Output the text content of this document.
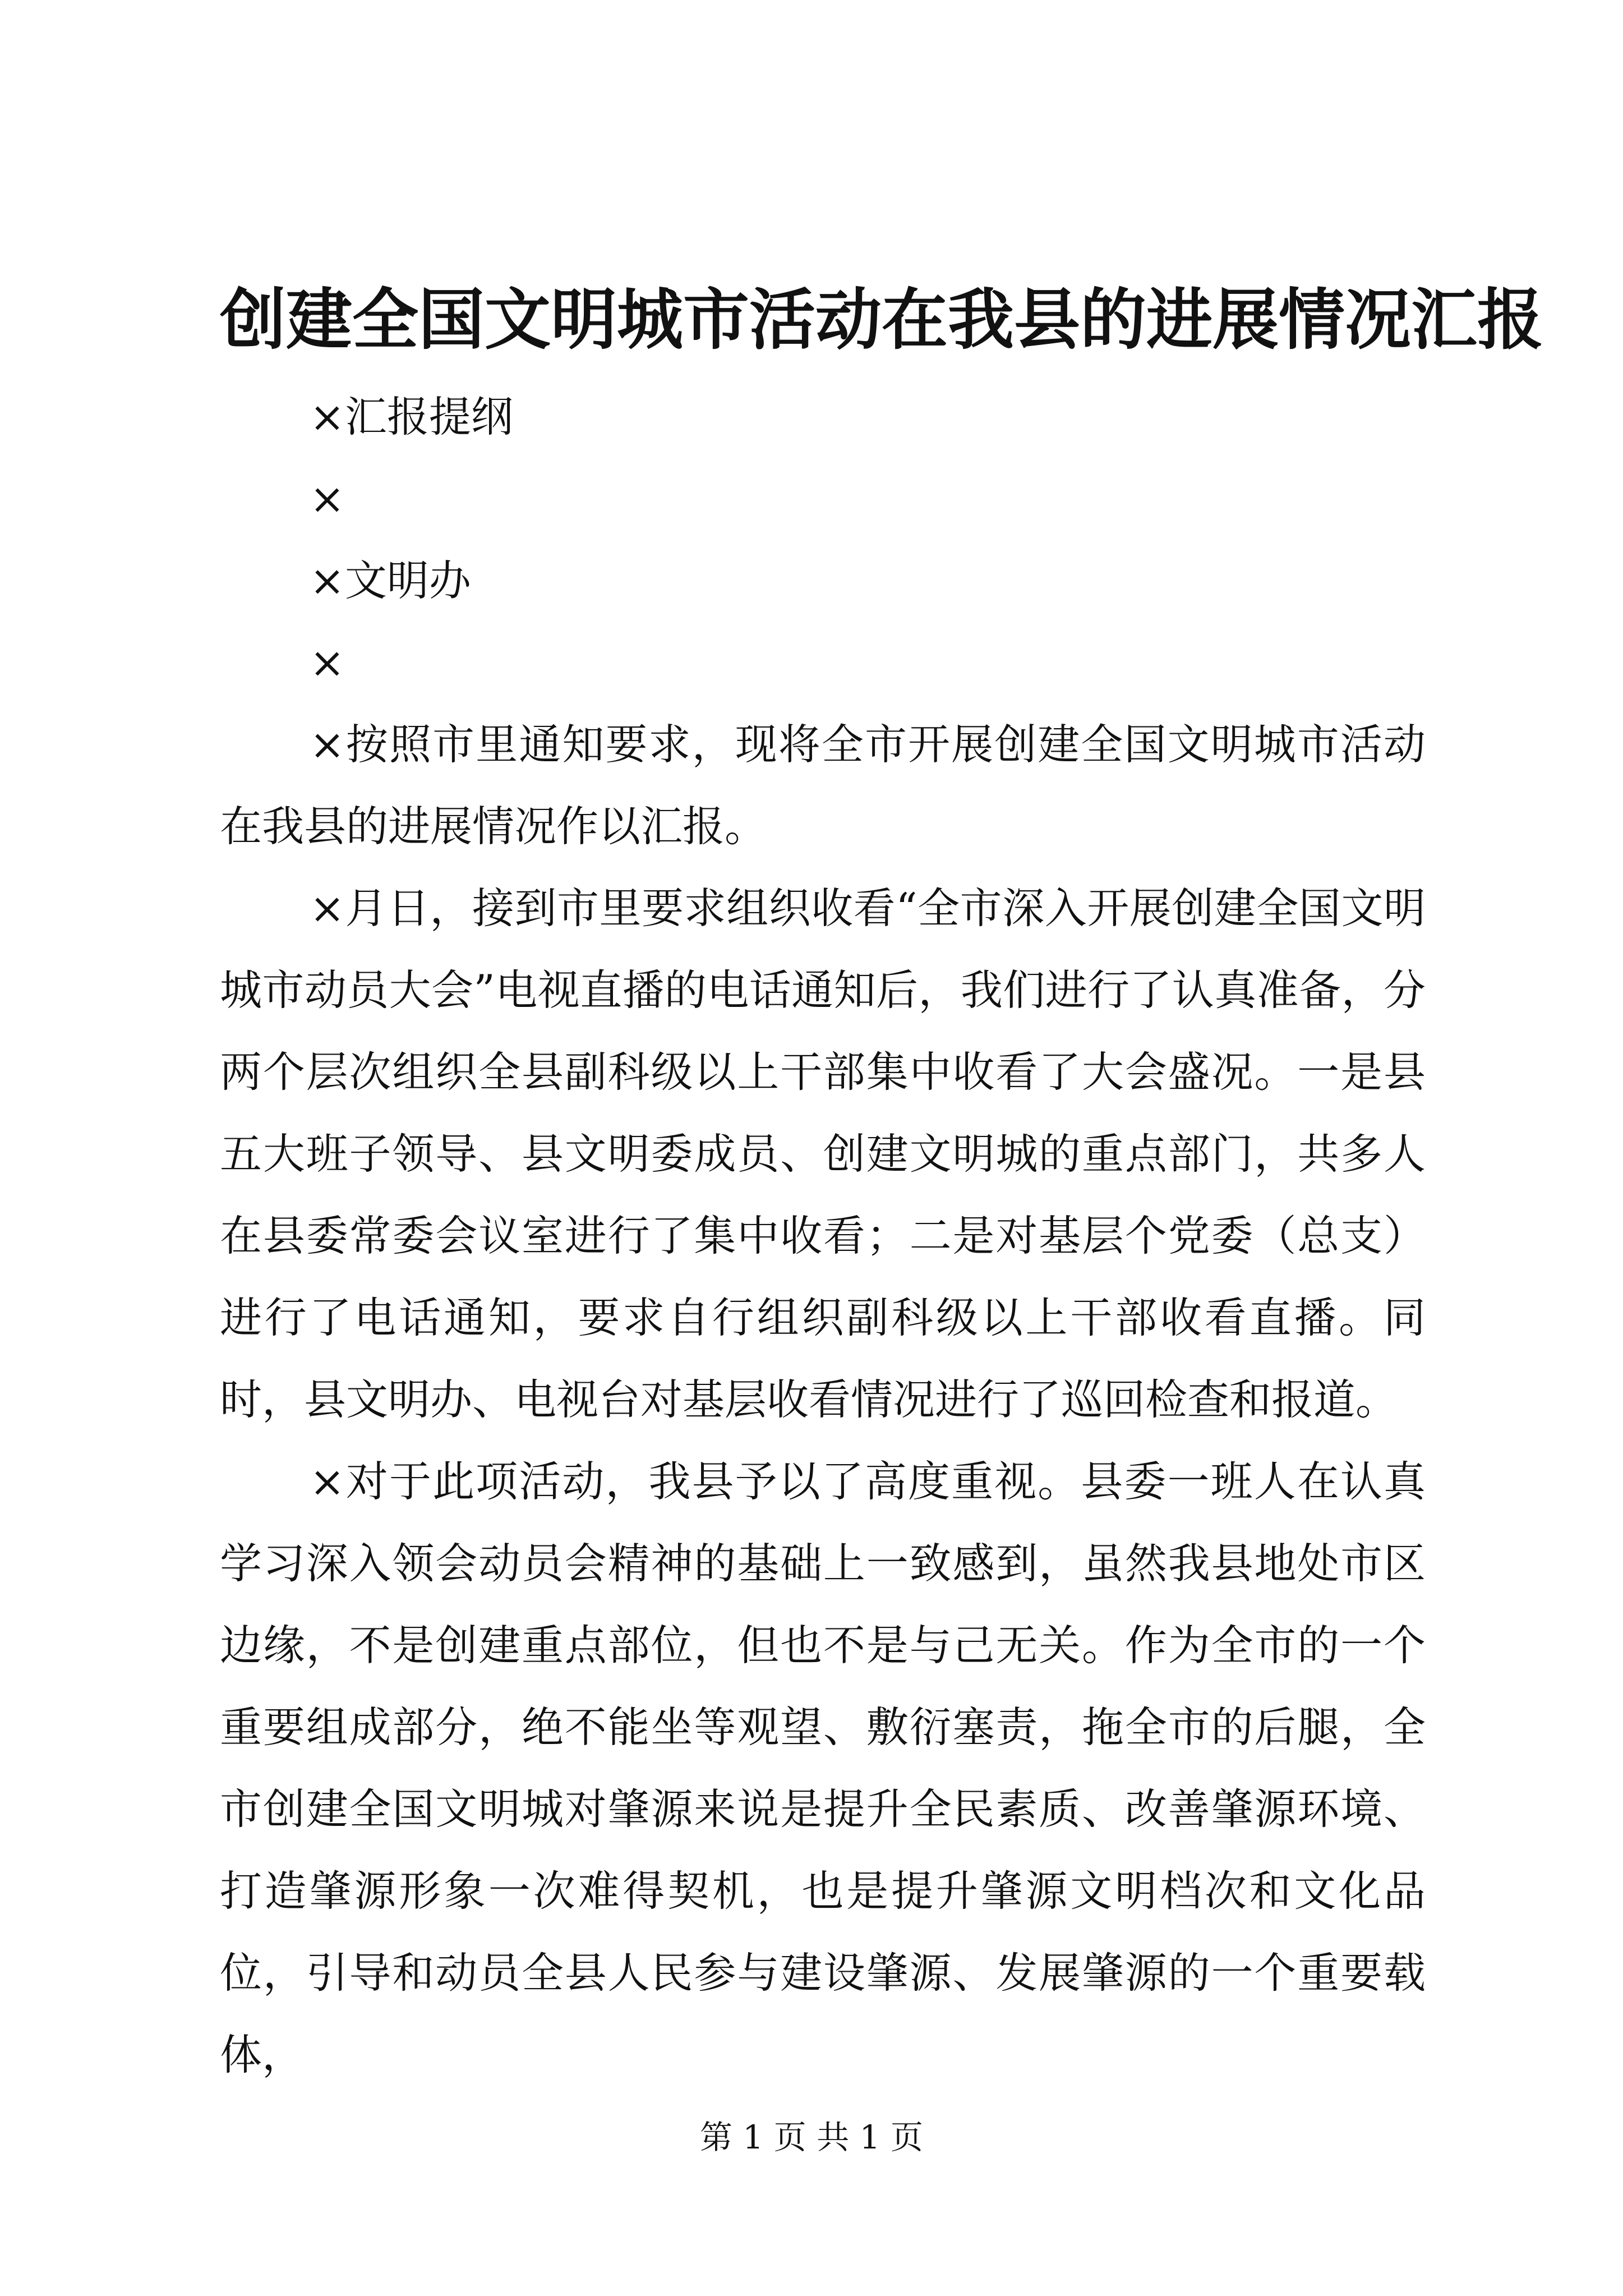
创建全国文明城市活动在我县的进展情况汇报

×汇报提纲

×

×文明办

×

×按照市里通知要求，现将全市开展创建全国文明城市活动在我县的进展情况作以汇报。

×月日，接到市里要求组织收看“全市深入开展创建全国文明城市动员大会”电视直播的电话通知后，我们进行了认真准备，分两个层次组织全县副科级以上干部集中收看了大会盛况。一是县五大班子领导、县文明委成员、创建文明城的重点部门，共多人在县委常委会议室进行了集中收看；二是对基层个党委（总支）进行了电话通知，要求自行组织副科级以上干部收看直播。同时，县文明办、电视台对基层收看情况进行了巡回检查和报道。

×对于此项活动，我县予以了高度重视。县委一班人在认真学习深入领会动员会精神的基础上一致感到，虽然我县地处市区边缘，不是创建重点部位，但也不是与己无关。作为全市的一个重要组成部分，绝不能坐等观望、敷衍塞责，拖全市的后腿，全市创建全国文明城对肇源来说是提升全民素质、改善肇源环境、打造肇源形象一次难得契机，也是提升肇源文明档次和文化品位，引导和动员全县人民参与建设肇源、发展肇源的一个重要载体，

第 1 页 共 1 页
